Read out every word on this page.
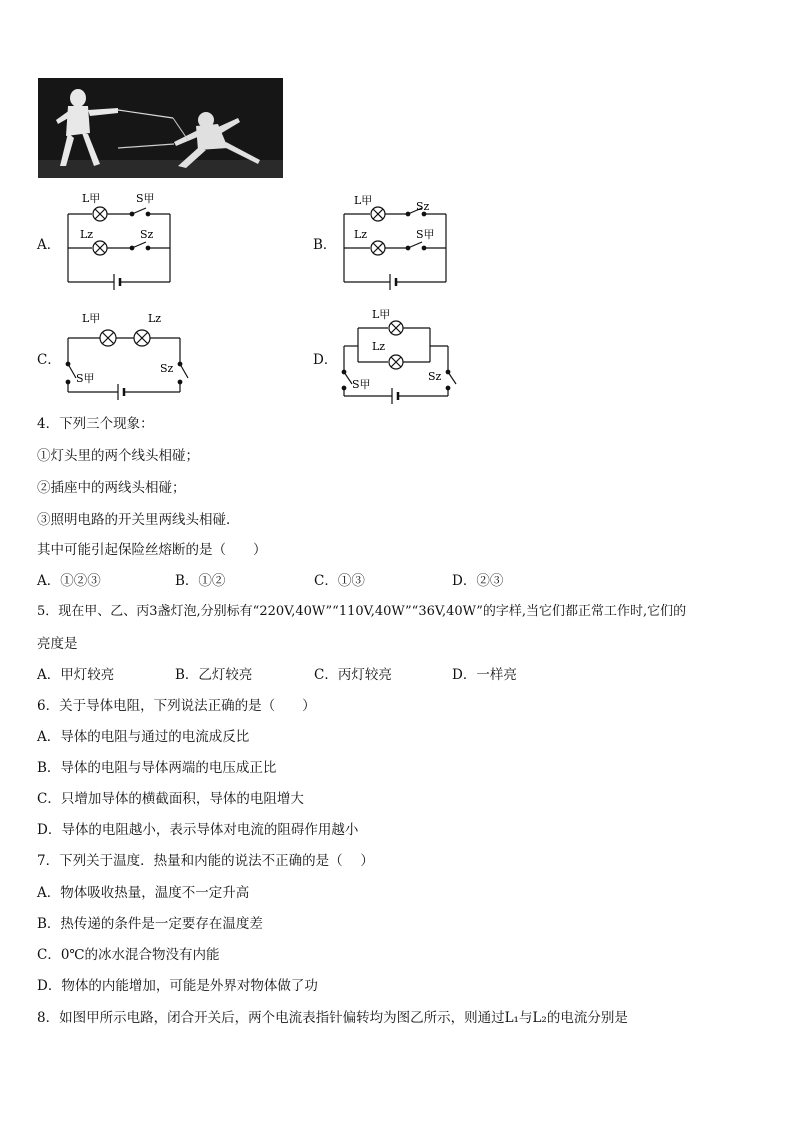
A．
L甲	S甲
Lz	Sz
B．
L甲	Sz
Lz	S甲
C．
L甲	Lz
S甲
Sz
D．
L甲
Lz
S甲
Sz
4．下列三个现象：
①灯头里的两个线头相碰；
②插座中的两线头相碰；
③照明电路的开关里两线头相碰．
其中可能引起保险丝熔断的是（　　）
A．①②③	B．①②	C．①③	D．②③
5．现在甲、乙、丙3盏灯泡,分别标有“220V,40W”“110V,40W”“36V,40W”的字样,当它们都正常工作时,它们的
亮度是
A．甲灯较亮	B．乙灯较亮	C．丙灯较亮	D．一样亮
6．关于导体电阻，下列说法正确的是（　　）
A．导体的电阻与通过的电流成反比
B．导体的电阻与导体两端的电压成正比
C．只增加导体的横截面积，导体的电阻增大
D．导体的电阻越小，表示导体对电流的阻碍作用越小
7．下列关于温度．热量和内能的说法不正确的是（　 ）
A．物体吸收热量，温度不一定升高
B．热传递的条件是一定要存在温度差
C．0℃的冰水混合物没有内能
D．物体的内能增加，可能是外界对物体做了功
8．如图甲所示电路，闭合开关后，两个电流表指针偏转均为图乙所示，则通过L₁与L₂的电流分别是
